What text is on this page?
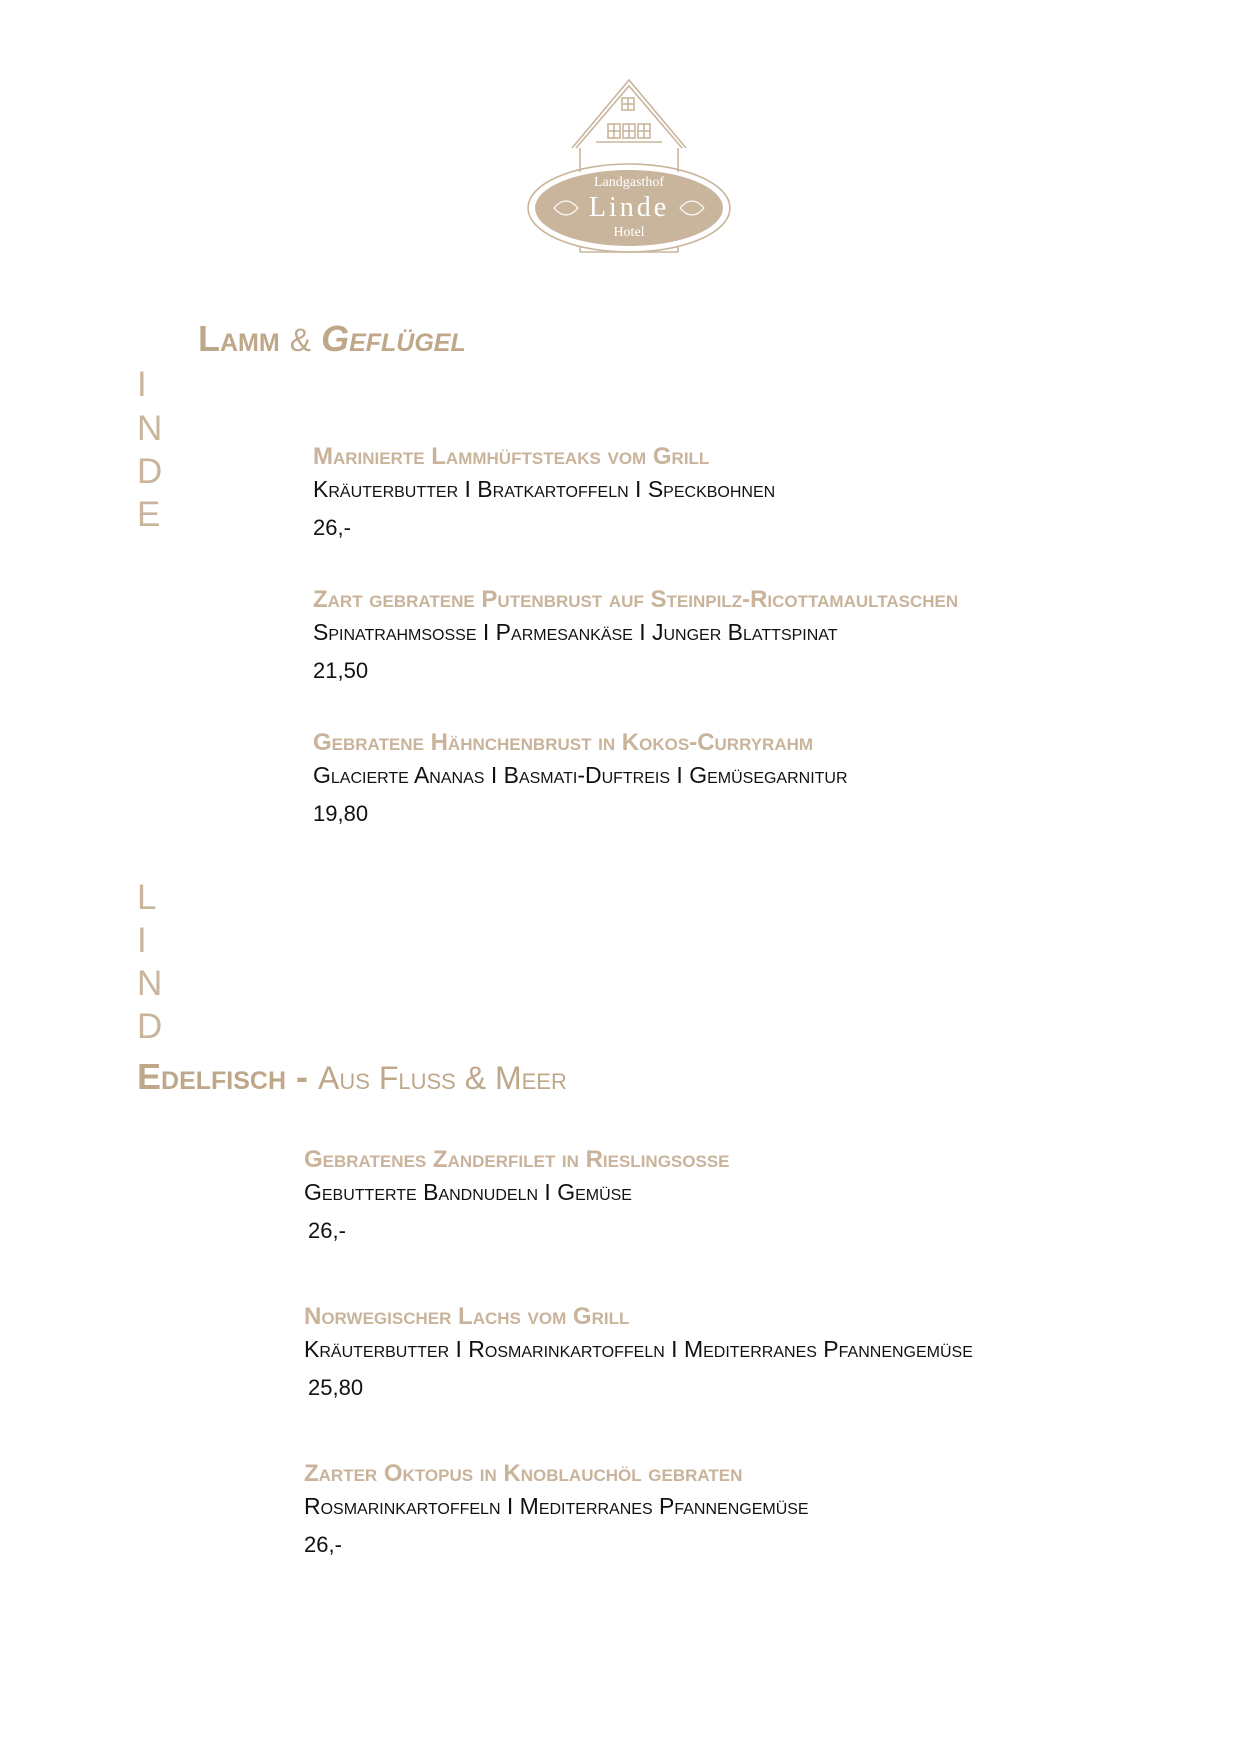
Landgasthof
Linde
Hotel
I
N
D
E
L
I
N
D
Lamm & Geflügel
Marinierte Lammhüftsteaks vom Grill
Kräuterbutter I Bratkartoffeln I Speckbohnen
26,-
Zart gebratene Putenbrust auf Steinpilz-Ricottamaultaschen
Spinatrahmsoße I Parmesankäse I Junger Blattspinat
21,50
Gebratene Hähnchenbrust in Kokos-Curryrahm
Glacierte Ananas I Basmati-Duftreis I Gemüsegarnitur
19,80
Edelfisch - Aus Fluß & Meer
Gebratenes Zanderfilet in Rieslingsoße
Gebutterte Bandnudeln I Gemüse
26,-
Norwegischer Lachs vom Grill
Kräuterbutter I Rosmarinkartoffeln I Mediterranes Pfannengemüse
25,80
Zarter Oktopus in Knoblauchöl gebraten
Rosmarinkartoffeln I Mediterranes Pfannengemüse
26,-
